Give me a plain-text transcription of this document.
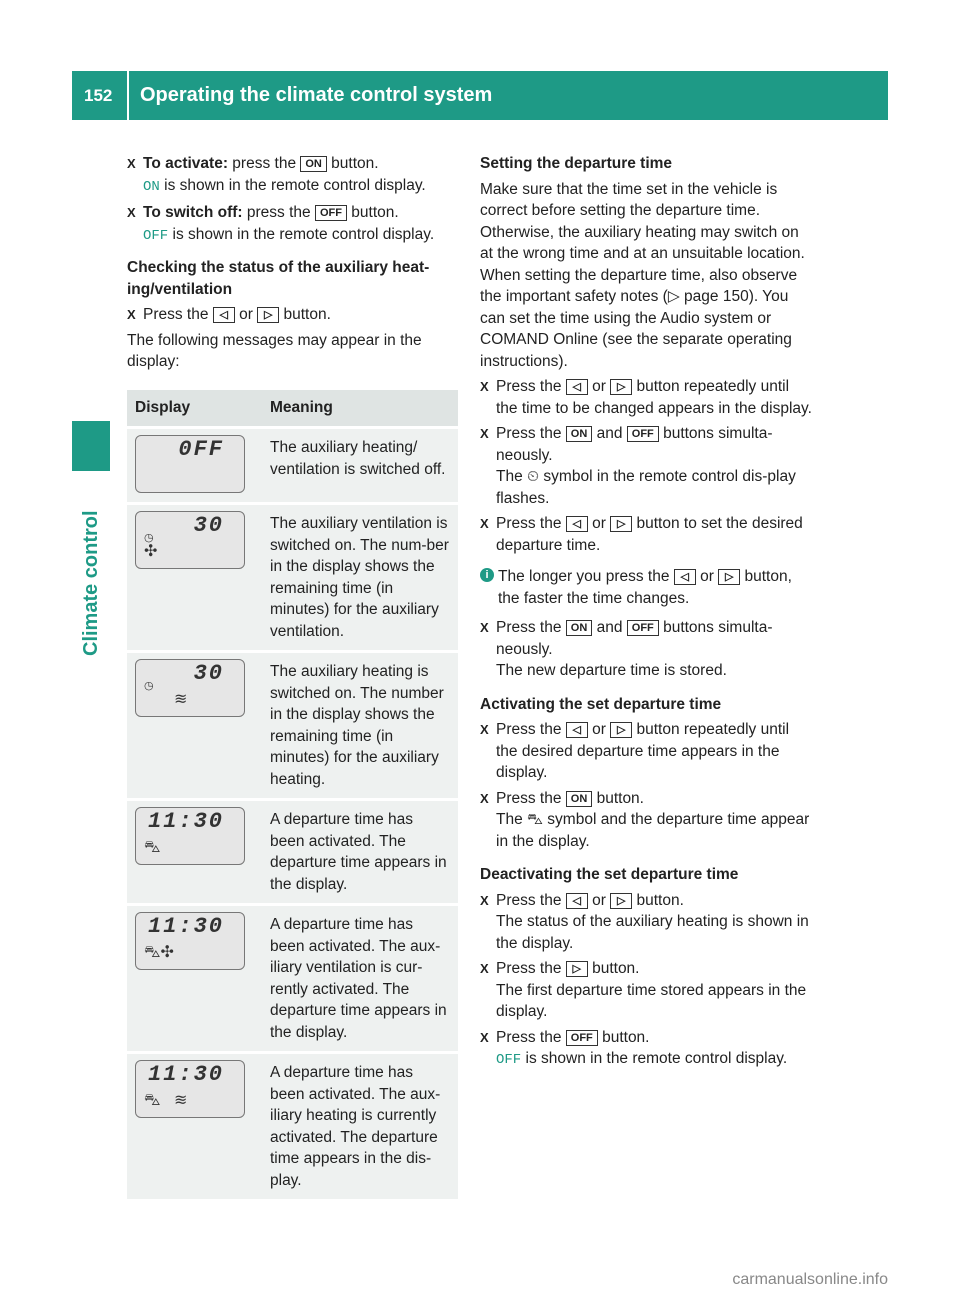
152 Operating the climate control system
Climate control
X To activate: press the ON button.
ON is shown in the remote control display.
X To switch off: press the OFF button.
OFF is shown in the remote control display.
Checking the status of the auxiliary heat-ing/ventilation
X Press the ◁ or ▷ button.

The following messages may appear in the display:

Display	Meaning

0FF	The auxiliary heating/ ventilation is switched off.

◷
✣
30	The auxiliary ventilation is switched on. The num-ber in the display shows the remaining time (in minutes) for the auxiliary ventilation.

◷
≋
30	The auxiliary heating is switched on. The number in the display shows the remaining time (in minutes) for the auxiliary heating.

⛍
11:30	A departure time has been activated. The departure time appears in the display.

⛍✣
11:30	A departure time has been activated. The aux-iliary ventilation is cur-rently activated. The departure time appears in the display.

⛍ ≋
11:30	A departure time has been activated. The aux-iliary heating is currently activated. The departure time appears in the dis-play.
Setting the departure time

Make sure that the time set in the vehicle is correct before setting the departure time. Otherwise, the auxiliary heating may switch on at the wrong time and at an unsuitable location. When setting the departure time, also observe the important safety notes (▷ page 150). You can set the time using the Audio system or COMAND Online (see the separate operating instructions).

X Press the ◁ or ▷ button repeatedly until the time to be changed appears in the display.
X Press the ON and OFF buttons simulta-neously.
The ⏲ symbol in the remote control dis-play flashes.
X Press the ◁ or ▷ button to set the desired departure time.
i The longer you press the ◁ or ▷ button, the faster the time changes.
X Press the ON and OFF buttons simulta-neously.
The new departure time is stored.
Activating the set departure time
X Press the ◁ or ▷ button repeatedly until the desired departure time appears in the display.
X Press the ON button.
The ⛍ symbol and the departure time appear in the display.
Deactivating the set departure time
X Press the ◁ or ▷ button.
The status of the auxiliary heating is shown in the display.
X Press the ▷ button.
The first departure time stored appears in the display.
X Press the OFF button.
OFF is shown in the remote control display.
carmanualsonline.info
